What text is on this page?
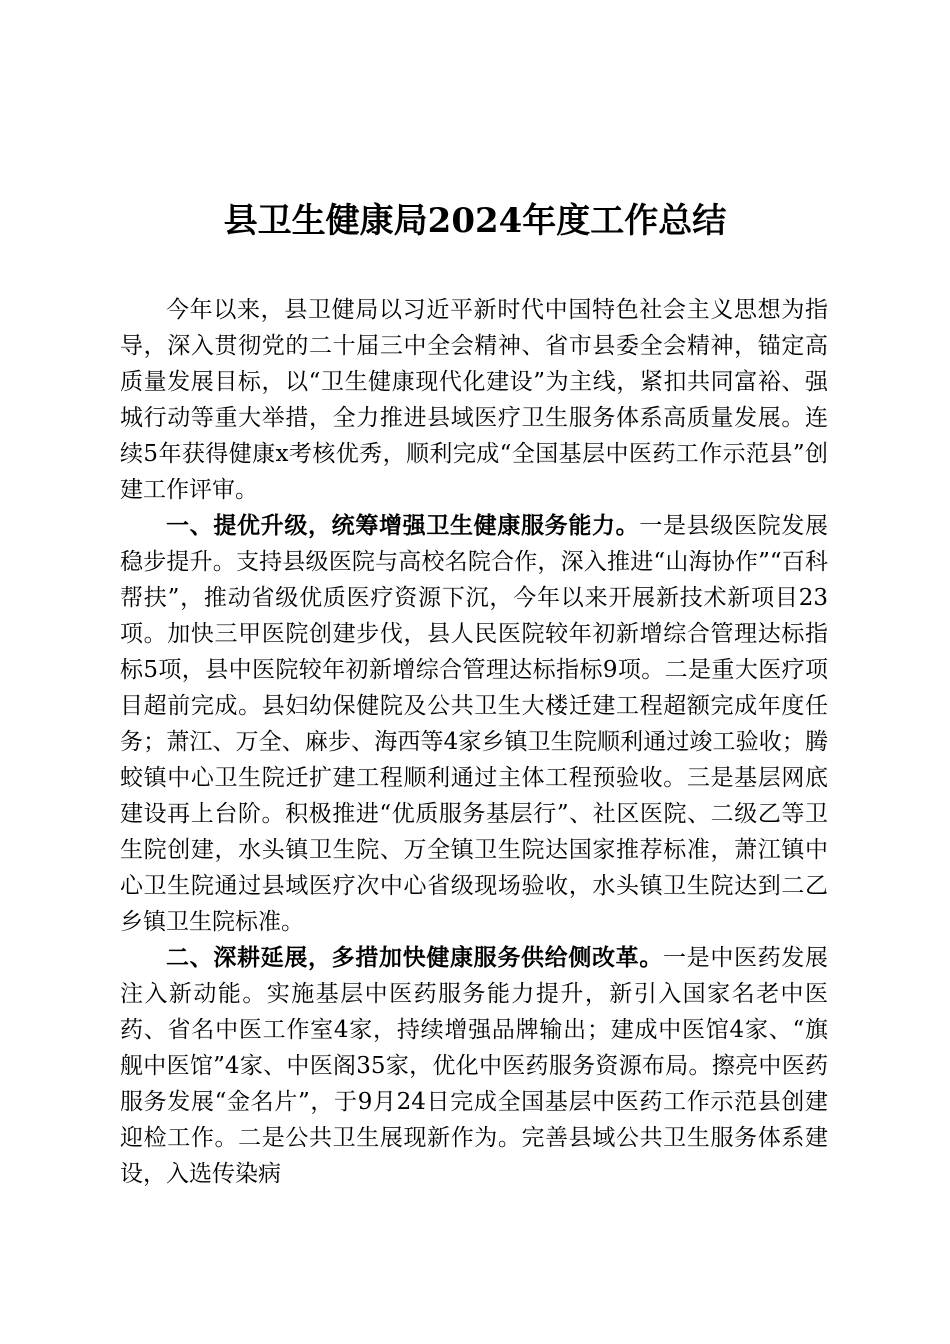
县卫生健康局2024年度工作总结

今年以来，县卫健局以习近平新时代中国特色社会主义思想为指导，深入贯彻党的二十届三中全会精神、省市县委全会精神，锚定高质量发展目标，以“卫生健康现代化建设”为主线，紧扣共同富裕、强城行动等重大举措，全力推进县域医疗卫生服务体系高质量发展。连续5年获得健康x考核优秀，顺利完成“全国基层中医药工作示范县”创建工作评审。

一、提优升级，统筹增强卫生健康服务能力。一是县级医院发展稳步提升。支持县级医院与高校名院合作，深入推进“山海协作”“百科帮扶”，推动省级优质医疗资源下沉，今年以来开展新技术新项目23项。加快三甲医院创建步伐，县人民医院较年初新增综合管理达标指标5项，县中医院较年初新增综合管理达标指标9项。二是重大医疗项目超前完成。县妇幼保健院及公共卫生大楼迁建工程超额完成年度任务；萧江、万全、麻步、海西等4家乡镇卫生院顺利通过竣工验收；腾蛟镇中心卫生院迁扩建工程顺利通过主体工程预验收。三是基层网底建设再上台阶。积极推进“优质服务基层行”、社区医院、二级乙等卫生院创建，水头镇卫生院、万全镇卫生院达国家推荐标准，萧江镇中心卫生院通过县域医疗次中心省级现场验收，水头镇卫生院达到二乙乡镇卫生院标准。

二、深耕延展，多措加快健康服务供给侧改革。一是中医药发展注入新动能。实施基层中医药服务能力提升，新引入国家名老中医药、省名中医工作室4家，持续增强品牌输出；建成中医馆4家、“旗舰中医馆”4家、中医阁35家，优化中医药服务资源布局。擦亮中医药服务发展“金名片”，于9月24日完成全国基层中医药工作示范县创建迎检工作。二是公共卫生展现新作为。完善县域公共卫生服务体系建设，入选传染病
